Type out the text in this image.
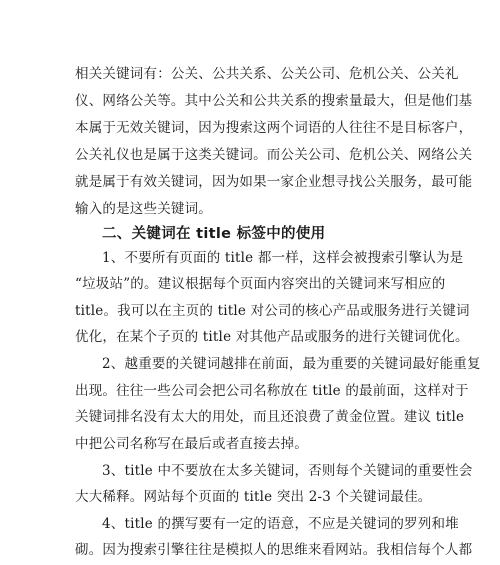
相关关键词有：公关、公共关系、公关公司、危机公关、公关礼
仪、网络公关等。其中公关和公共关系的搜索量最大，但是他们基
本属于无效关键词，因为搜索这两个词语的人往往不是目标客户，
公关礼仪也是属于这类关键词。而公关公司、危机公关、网络公关
就是属于有效关键词，因为如果一家企业想寻找公关服务，最可能
输入的是这些关键词。
二、关键词在 title 标签中的使用
1、不要所有页面的 title 都一样，这样会被搜索引擎认为是
“垃圾站”的。建议根据每个页面内容突出的关键词来写相应的
title。我可以在主页的 title 对公司的核心产品或服务进行关键词
优化，在某个子页的 title 对其他产品或服务的进行关键词优化。
2、越重要的关键词越排在前面，最为重要的关键词最好能重复
出现。往往一些公司会把公司名称放在 title 的最前面，这样对于
关键词排名没有太大的用处，而且还浪费了黄金位置。建议 title
中把公司名称写在最后或者直接去掉。
3、title 中不要放在太多关键词，否则每个关键词的重要性会
大大稀释。网站每个页面的 title 突出 2-3 个关键词最佳。
4、title 的撰写要有一定的语意，不应是关键词的罗列和堆
砌。因为搜索引擎往往是模拟人的思维来看网站。我相信每个人都
